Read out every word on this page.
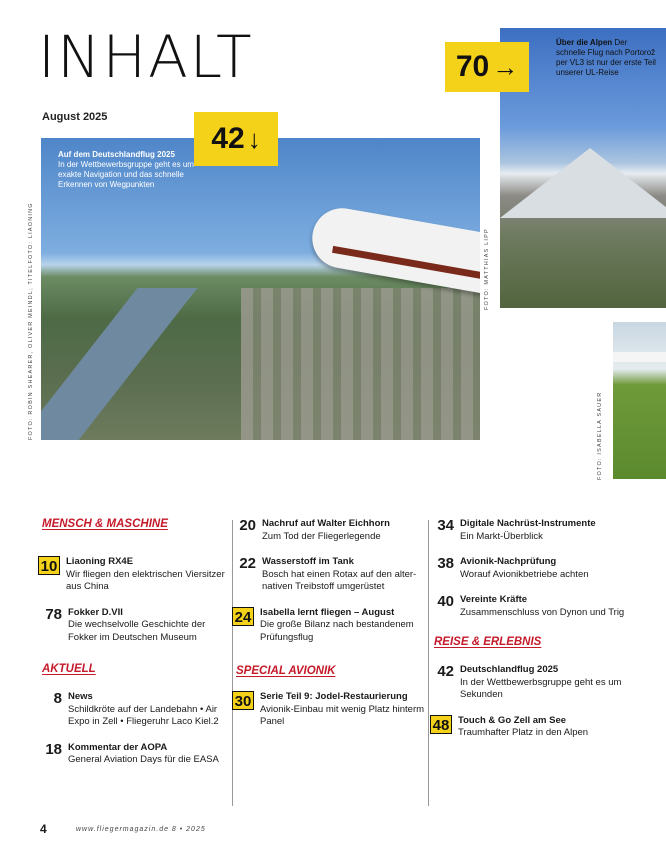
INHALT
August 2025
Auf dem Deutschlandflug 2025
In der Wettbewerbsgruppe geht es um exakte Navigation und das schnelle Erkennen von Wegpunkten
42 ↓
Über die Alpen Der schnelle Flug nach Portorož per VL3 ist nur der erste Teil unserer UL-Reise
70 →
FOTO: ROBIN SHEARER, OLIVER MEINDL; TITELFOTO: LIAONING	FOTO: MATTHIAS LIPP
FOTO: ISABELLA SAUER
MENSCH & MASCHINE
10 Liaoning RX4E
Wir fliegen den elektrischen Viersitzer aus China
78 Fokker D.VII
Die wechselvolle Geschichte der Fokker im Deutschen Museum
AKTUELL
8 News
Schildkröte auf der Landebahn • Air Expo in Zell • Fliegeruhr Laco Kiel.2
18 Kommentar der AOPA
General Aviation Days für die EASA
20 Nachruf auf Walter Eichhorn
Zum Tod der Fliegerlegende
22 Wasserstoff im Tank
Bosch hat einen Rotax auf den alter-nativen Treibstoff umgerüstet
24 Isabella lernt fliegen – August
Die große Bilanz nach bestandenem Prüfungsflug
SPECIAL AVIONIK
30 Serie Teil 9: Jodel-Restaurierung
Avionik-Einbau mit wenig Platz hinterm Panel
34 Digitale Nachrüst-Instrumente
Ein Markt-Überblick
38 Avionik-Nachprüfung
Worauf Avionikbetriebe achten
40 Vereinte Kräfte
Zusammenschluss von Dynon und Trig
REISE & ERLEBNIS
42 Deutschlandflug 2025
In der Wettbewerbsgruppe geht es um Sekunden
48 Touch & Go Zell am See
Traumhafter Platz in den Alpen
4	www.fliegermagazin.de 8 • 2025
